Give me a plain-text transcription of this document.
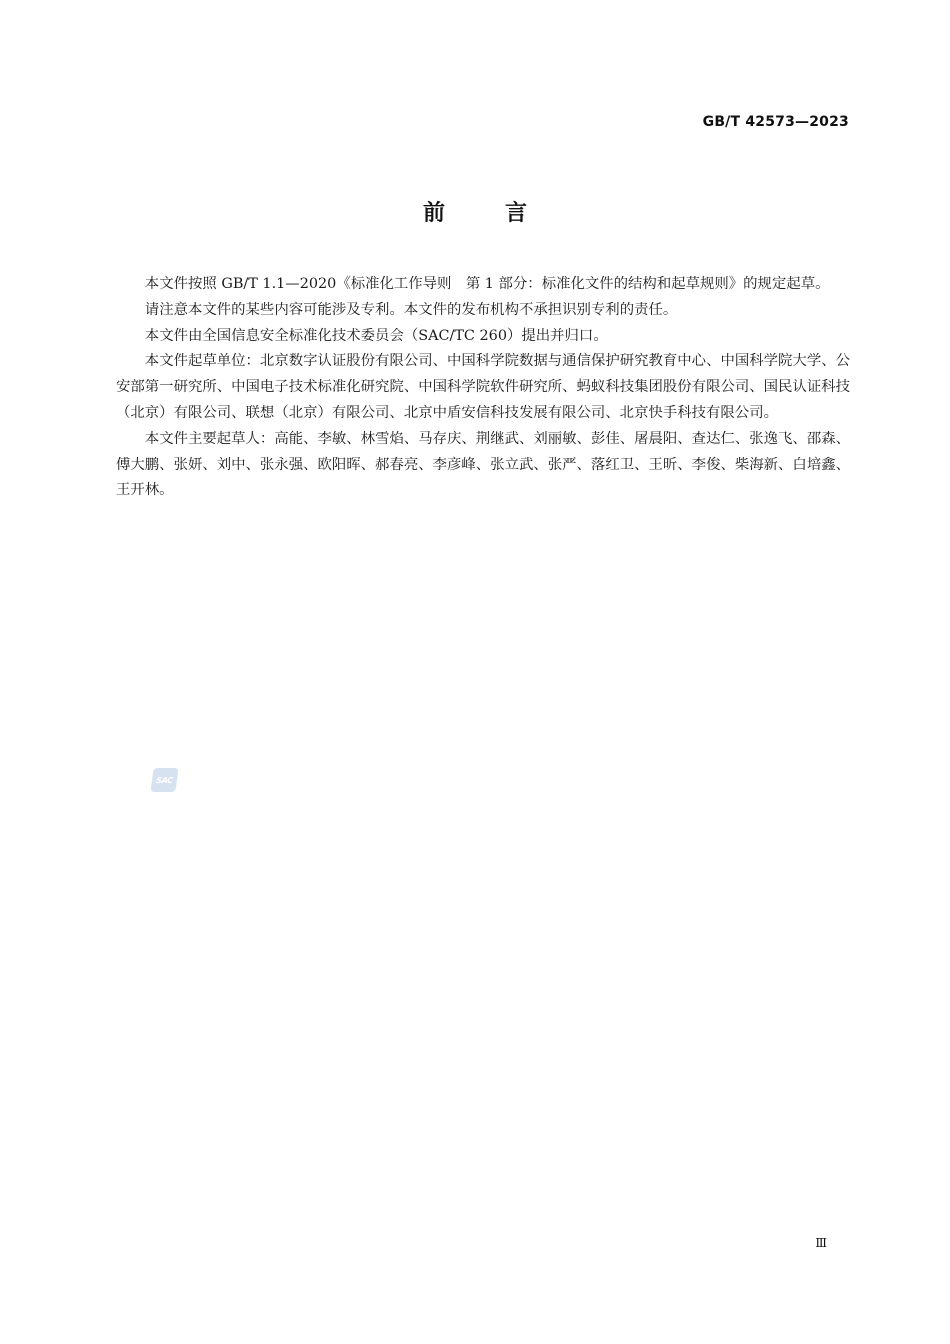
GB/T 42573—2023
前言

本文件按照 GB/T 1.1—2020《标准化工作导则　第 1 部分：标准化文件的结构和起草规则》的规定起草。

请注意本文件的某些内容可能涉及专利。本文件的发布机构不承担识别专利的责任。

本文件由全国信息安全标准化技术委员会（SAC/TC 260）提出并归口。

本文件起草单位：北京数字认证股份有限公司、中国科学院数据与通信保护研究教育中心、中国科学院大学、公安部第一研究所、中国电子技术标准化研究院、中国科学院软件研究所、蚂蚁科技集团股份有限公司、国民认证科技（北京）有限公司、联想（北京）有限公司、北京中盾安信科技发展有限公司、北京快手科技有限公司。

本文件主要起草人：高能、李敏、林雪焰、马存庆、荆继武、刘丽敏、彭佳、屠晨阳、查达仁、张逸飞、邵森、傅大鹏、张妍、刘中、张永强、欧阳晖、郝春亮、李彦峰、张立武、张严、落红卫、王昕、李俊、柴海新、白培鑫、王开林。

SAC
Ⅲ
